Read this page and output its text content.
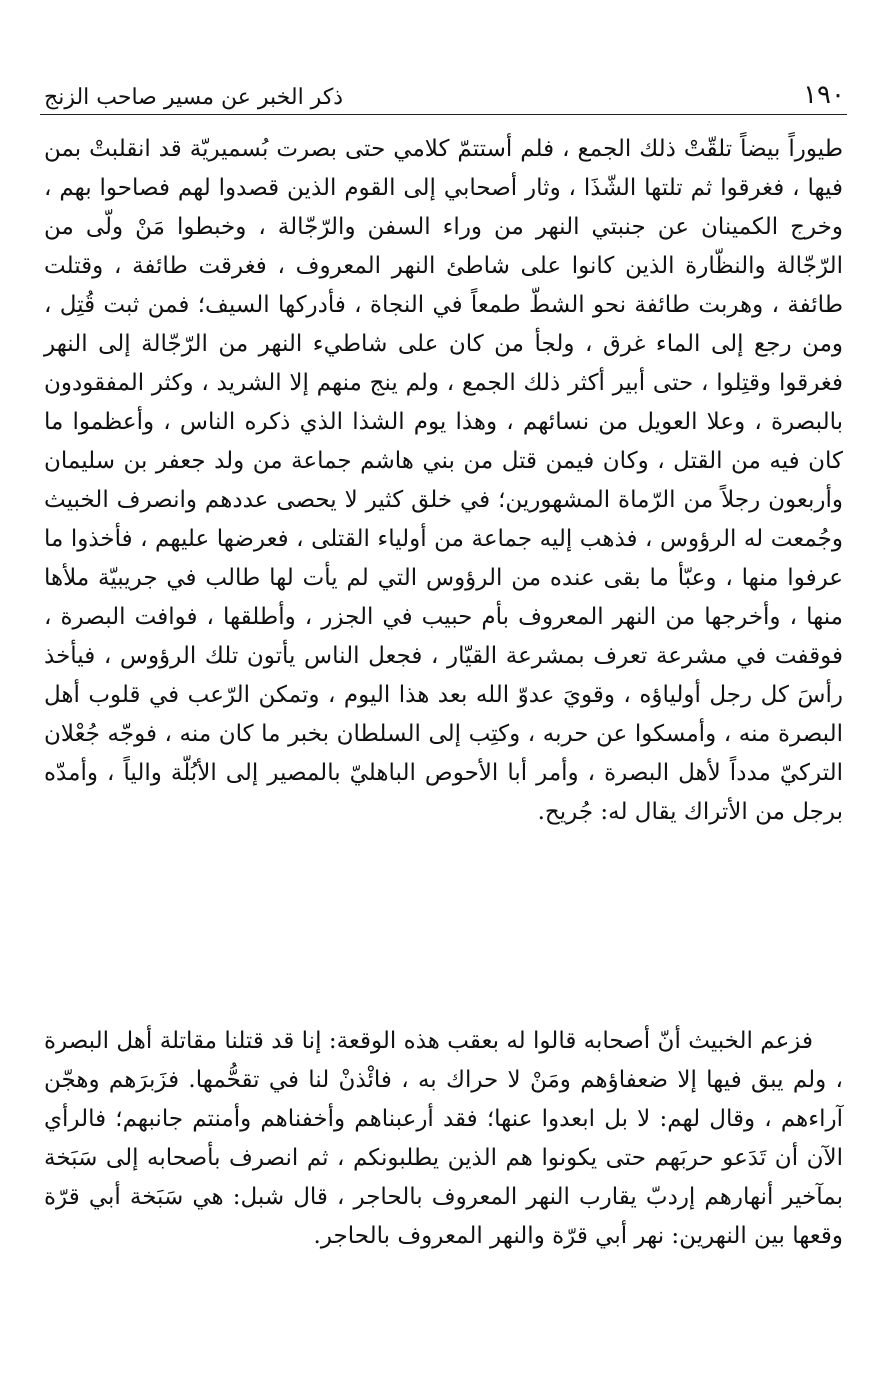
١٩٠
ذكر الخبر عن مسير صاحب الزنج

طيوراً بيضاً تلقّتْ ذلك الجمع ، فلم أستتمّ كلامي حتى بصرت بُسميريّة قد انقلبتْ بمن فيها ، فغرقوا ثم تلتها الشّذَا ، وثار أصحابي إلى القوم الذين قصدوا لهم فصاحوا بهم ، وخرج الكمينان عن جنبتي النهر من وراء السفن والرّجّالة ، وخبطوا مَنْ ولّى من الرّجّالة والنظّارة الذين كانوا على شاطئ النهر المعروف ، فغرقت طائفة ، وقتلت طائفة ، وهربت طائفة نحو الشطّ طمعاً في النجاة ، فأدركها السيف؛ فمن ثبت قُتِل ، ومن رجع إلى الماء غرق ، ولجأ من كان على شاطيء النهر من الرّجّالة إلى النهر فغرقوا وقتِلوا ، حتى أبير أكثر ذلك الجمع ، ولم ينج منهم إلا الشريد ، وكثر المفقودون بالبصرة ، وعلا العويل من نسائهم ، وهذا يوم الشذا الذي ذكره الناس ، وأعظموا ما كان فيه من القتل ، وكان فيمن قتل من بني هاشم جماعة من ولد جعفر بن سليمان وأربعون رجلاً من الرّماة المشهورين؛ في خلق كثير لا يحصى عددهم وانصرف الخبيث وجُمعت له الرؤوس ، فذهب إليه جماعة من أولياء القتلى ، فعرضها عليهم ، فأخذوا ما عرفوا منها ، وعبّأ ما بقى عنده من الرؤوس التي لم يأت لها طالب في جريبيّة ملأها منها ، وأخرجها من النهر المعروف بأم حبيب في الجزر ، وأطلقها ، فوافت البصرة ، فوقفت في مشرعة تعرف بمشرعة القيّار ، فجعل الناس يأتون تلك الرؤوس ، فيأخذ رأسَ كل رجل أولياؤه ، وقويَ عدوّ الله بعد هذا اليوم ، وتمكن الرّعب في قلوب أهل البصرة منه ، وأمسكوا عن حربه ، وكتِب إلى السلطان بخبر ما كان منه ، فوجّه جُعْلان التركيّ مدداً لأهل البصرة ، وأمر أبا الأحوص الباهليّ بالمصير إلى الأبُلّة والياً ، وأمدّه برجل من الأتراك يقال له: جُريح.

فزعم الخبيث أنّ أصحابه قالوا له بعقب هذه الوقعة: إنا قد قتلنا مقاتلة أهل البصرة ، ولم يبق فيها إلا ضعفاؤهم ومَنْ لا حراك به ، فائْذنْ لنا في تقحُّمها. فزَبرَهم وهجّن آراءهم ، وقال لهم: لا بل ابعدوا عنها؛ فقد أرعبناهم وأخفناهم وأمنتم جانبهم؛ فالرأي الآن أن تَدَعو حربَهم حتى يكونوا هم الذين يطلبونكم ، ثم انصرف بأصحابه إلى سَبَخة بمآخير أنهارهم إردبّ يقارب النهر المعروف بالحاجر ، قال شبل: هي سَبَخة أبي قرّة وقعها بين النهرين: نهر أبي قرّة والنهر المعروف بالحاجر.
